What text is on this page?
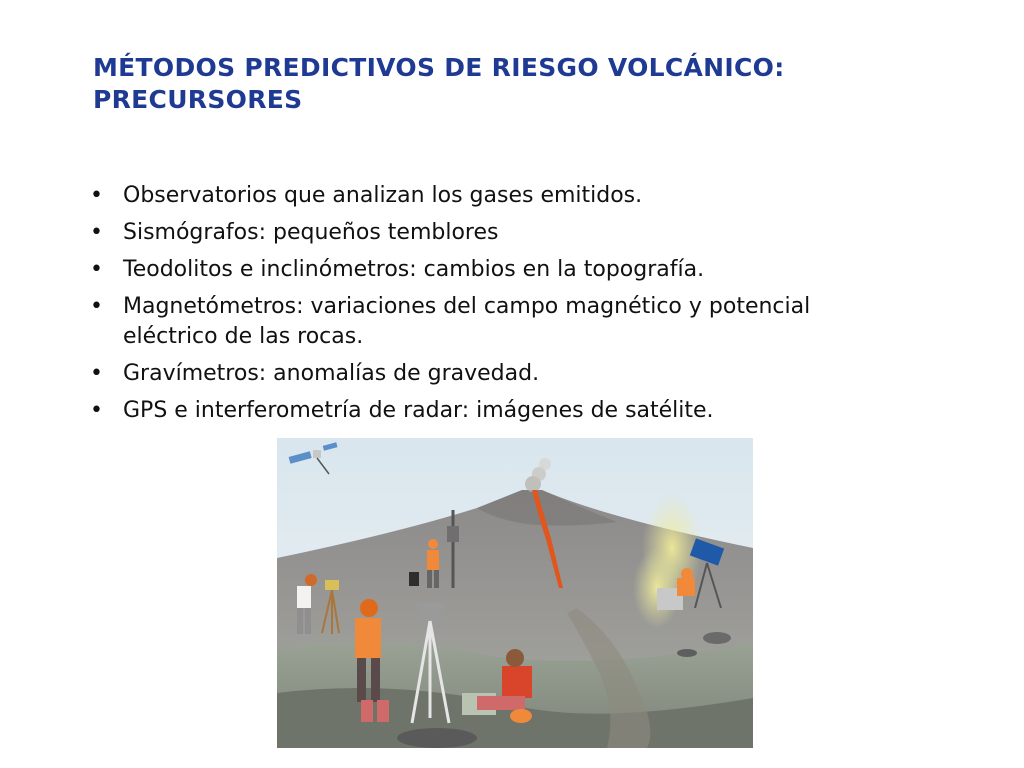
MÉTODOS PREDICTIVOS DE RIESGO VOLCÁNICO: PRECURSORES
• Observatorios que analizan los gases emitidos.
• Sismógrafos: pequeños temblores
• Teodolitos e inclinómetros: cambios en la topografía.
• Magnetómetros: variaciones del campo magnético y potencial eléctrico de las rocas.
• Gravímetros: anomalías de gravedad.
• GPS e interferometría de radar: imágenes de satélite.
